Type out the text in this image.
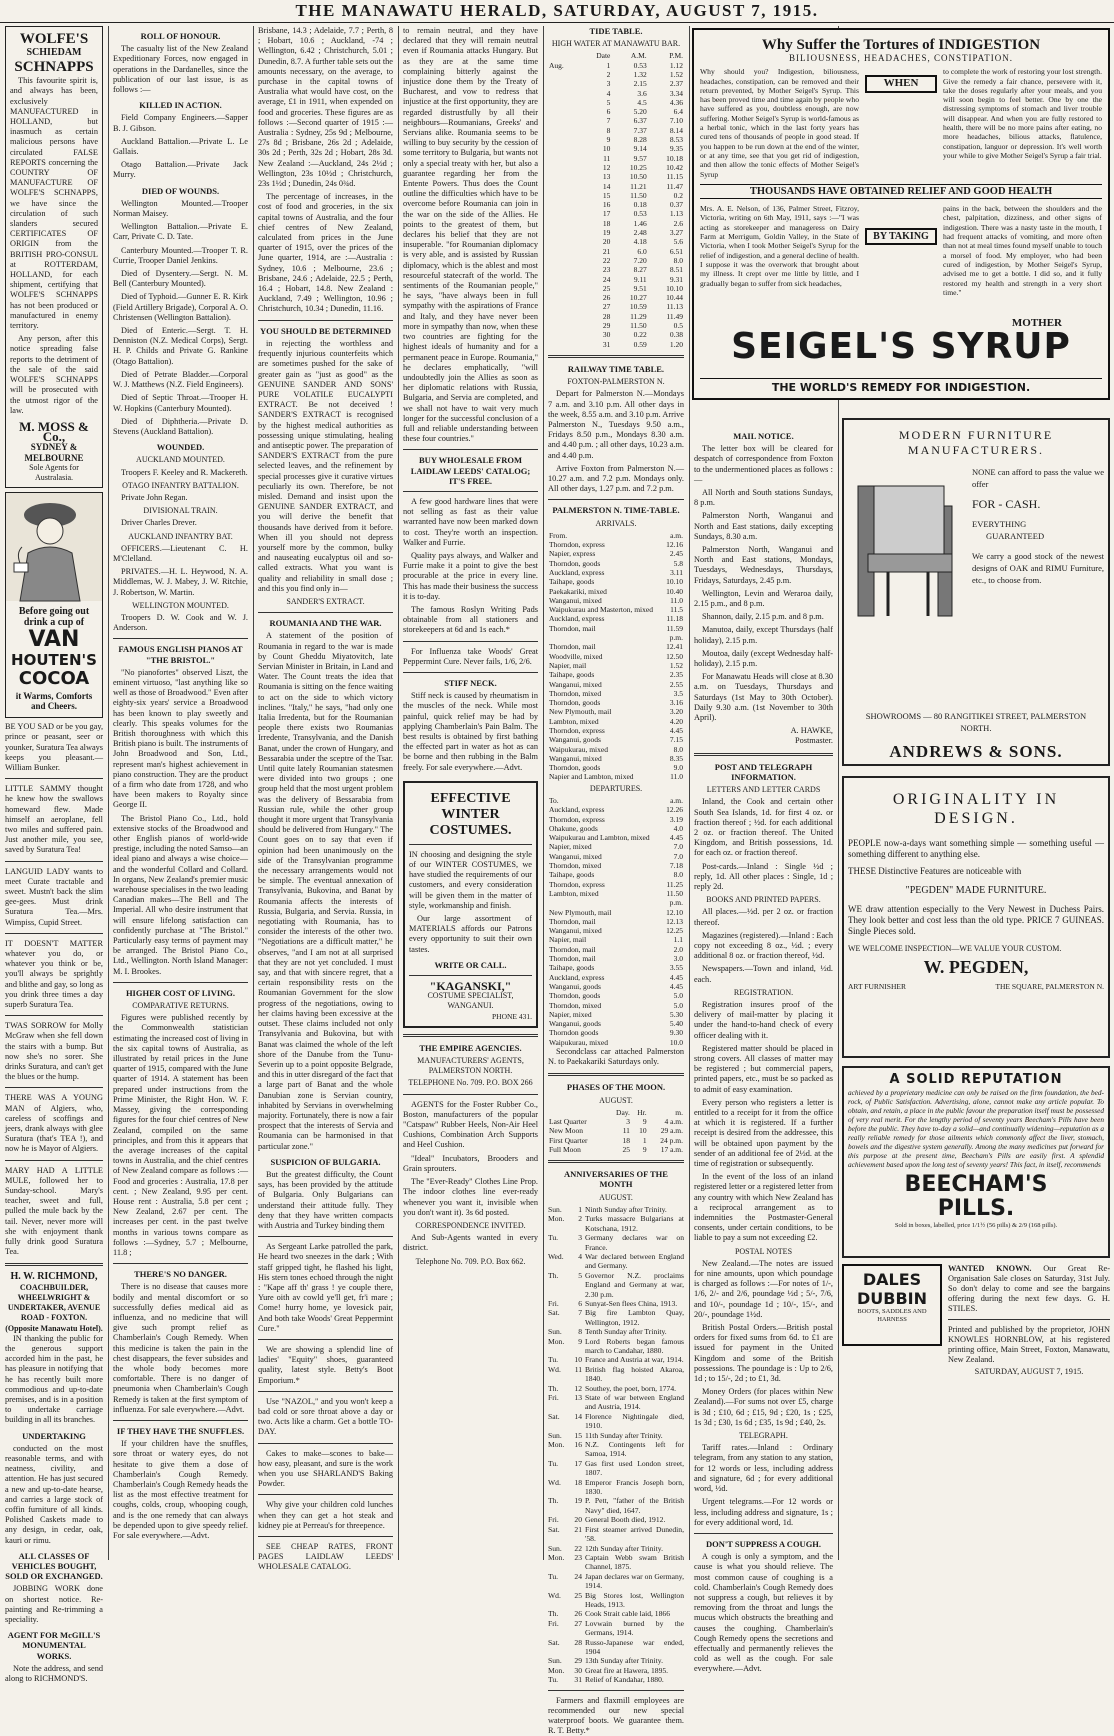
THE MANAWATU HERALD, SATURDAY, AUGUST 7, 1915.
WOLFE'S
SCHIEDAM
SCHNAPPS

This favourite spirit is, and always has been, exclusively MANUFACTURED in HOLLAND, but inasmuch as certain malicious persons have circulated FALSE REPORTS concerning the COUNTRY OF MANUFACTURE OF WOLFE'S SCHNAPPS, we have since the circulation of such slanders secured CERTIFICATES OF ORIGIN from the BRITISH PRO-CONSUL at ROTTERDAM, HOLLAND, for each shipment, certifying that WOLFE'S SCHNAPPS has not been produced or manufactured in enemy territory.

Any person, after this notice spreading false reports to the detriment of the sale of the said WOLFE'S SCHNAPPS will be prosecuted with the utmost rigor of the law.

M. MOSS & Co.,
SYDNEY & MELBOURNE
Sole Agents for Australasia.
Before going out
drink a cup of
VAN
HOUTEN'S
COCOA
it Warms, Comforts and Cheers.

BE YOU SAD or be you gay, prince or peasant, seer or younker, Suratura Tea always keeps you pleasant.—William Bunker.

LITTLE SAMMY thought he knew how the swallows homeward flew. Made himself an aeroplane, fell two miles and suffered pain. Just another mile, you see, saved by Suratura Tea!

LANGUID LADY wants to meet Curate tractable and sweet. Mustn't back the slim gee-gees. Must drink Suratura Tea.—Mrs. Wimpiss, Cupid Street.

IT DOESN'T MATTER whatever you do, or whatever you think or be, you'll always be sprightly and blithe and gay, so long as you drink three times a day superb Suratura Tea.

TWAS SORROW for Molly McGraw when she fell down the stairs with a bump. But now she's no sorer. She drinks Suratura, and can't get the blues or the hump.

THERE WAS A YOUNG MAN of Algiers, who, careless of scoffings and jeers, drank always with glee Suratura (that's TEA !), and now he is Mayor of Algiers.

MARY HAD A LITTLE MULE, followed her to Sunday-school. Mary's teacher, sweet and full, pulled the mule back by the tail. Never, never more will she with enjoyment thank fully drink good Suratura Tea.

H. W. RICHMOND,
COACHBUILDER, WHEELWRIGHT & UNDERTAKER, AVENUE ROAD - FOXTON. (Opposite Manawatu Hotel).

IN thanking the public for the generous support accorded him in the past, he has pleasure in notifying that he has recently built more commodious and up-to-date premises, and is in a position to undertake carriage building in all its branches.

UNDERTAKING

conducted on the most reasonable terms, and with neatness, civility, and attention. He has just secured a new and up-to-date hearse, and carries a large stock of coffin furniture of all kinds. Polished Caskets made to any design, in cedar, oak, kauri or rimu.

ALL CLASSES OF VEHICLES BOUGHT, SOLD OR EXCHANGED.

JOBBING WORK done on shortest notice. Re-painting and Re-trimming a speciality.

AGENT FOR McGILL'S MONUMENTAL WORKS.

Note the address, and send along to RICHMOND'S.

ROLL OF HONOUR.

The casualty list of the New Zealand Expeditionary Forces, now engaged in operations in the Dardanelles, since the publication of our last issue, is as follows :—

KILLED IN ACTION.

Field Company Engineers.—Sapper B. J. Gibson.

Auckland Battalion.—Private L. Le Gallais.

Otago Battalion.—Private Jack Murry.

DIED OF WOUNDS.

Wellington Mounted.—Trooper Norman Maisey.

Wellington Battalion.—Private E. Carr, Private C. D. Tate.

Canterbury Mounted.—Trooper T. R. Currie, Trooper Daniel Jenkins.

Died of Dysentery.—Sergt. N. M. Bell (Canterbury Mounted).

Died of Typhoid.—Gunner E. R. Kirk (Field Artillery Brigade), Corporal A. O. Christensen (Wellington Battalion).

Died of Enteric.—Sergt. T. H. Denniston (N.Z. Medical Corps), Sergt. H. P. Childs and Private G. Rankine (Otago Battalion).

Died of Petrate Bladder.—Corporal W. J. Matthews (N.Z. Field Engineers).

Died of Septic Throat.—Trooper H. W. Hopkins (Canterbury Mounted).

Died of Diphtheria.—Private D. Stevens (Auckland Battalion).

WOUNDED.
AUCKLAND MOUNTED.

Troopers F. Keeley and R. Mackereth.

OTAGO INFANTRY BATTALION.

Private John Regan.

DIVISIONAL TRAIN.

Driver Charles Drever.

AUCKLAND INFANTRY BAT.

OFFICERS.—Lieutenant C. H. M'Clelland.

PRIVATES.—H. L. Heywood, N. A. Middlemas, W. J. Mabey, J. W. Ritchie, J. Robertson, W. Martin.

WELLINGTON MOUNTED.

Troopers D. W. Cook and W. J. Anderson.

FAMOUS ENGLISH PIANOS AT "THE BRISTOL."

"No pianofortes" observed Liszt, the eminent virtuoso, "last anything like so well as those of Broadwood." Even after eighty-six years' service a Broadwood has been known to play sweetly and clearly. This speaks volumes for the British thoroughness with which this British piano is built. The instruments of John Broadwood and Son, Ltd., represent man's highest achievement in piano construction. They are the product of a firm who date from 1728, and who have been makers to Royalty since George II.

The Bristol Piano Co., Ltd., hold extensive stocks of the Broadwood and other English pianos of world-wide prestige, including the noted Samso—an ideal piano and always a wise choice—and the wonderful Collard and Collard. In organs, New Zealand's premier music warehouse specialises in the two leading Canadian makes—The Bell and The Imperial. All who desire instrument that will ensure lifelong satisfaction can confidently purchase at "The Bristol." Particularly easy terms of payment may be arranged. The Bristol Piano Co., Ltd., Wellington. North Island Manager: M. I. Brookes.

HIGHER COST OF LIVING.
COMPARATIVE RETURNS.

Figures were published recently by the Commonwealth statistician estimating the increased cost of living in the six capital towns of Australia, as illustrated by retail prices in the June quarter of 1915, compared with the June quarter of 1914. A statement has been prepared under instructions from the Prime Minister, the Right Hon. W. F. Massey, giving the corresponding figures for the four chief centres of New Zealand, compiled on the same principles, and from this it appears that the average increases of the capital towns in Australia, and the chief centres of New Zealand compare as follows :—Food and groceries : Australia, 17.8 per cent. ; New Zealand, 9.95 per cent. House rent : Australia, 5.8 per cent ; New Zealand, 2.67 per cent. The increases per cent. in the past twelve months in various towns compare as follows :—Sydney, 5.7 ; Melbourne, 11.8 ;

THERE'S NO DANGER.

There is no disease that causes more bodily and mental discomfort or so successfully defies medical aid as influenza, and no medicine that will give such prompt relief as Chamberlain's Cough Remedy. When this medicine is taken the pain in the chest disappears, the fever subsides and the whole body becomes more comfortable. There is no danger of pneumonia when Chamberlain's Cough Remedy is taken at the first symptom of influenza. For sale everywhere.—Advt.

IF THEY HAVE THE SNUFFLES.

If your children have the snuffles, sore throat or watery eyes, do not hesitate to give them a dose of Chamberlain's Cough Remedy. Chamberlain's Cough Remedy heads the list as the most effective treatment for coughs, colds, croup, whooping cough, and is the one remedy that can always be depended upon to give speedy relief. For sale everywhere.—Advt.

Brisbane, 14.3 ; Adelaide, 7.7 ; Perth, 8 ; Hobart, 10.6 ; Auckland, -74 ; Wellington, 6.42 ; Christchurch, 5.01 ; Dunedin, 8.7. A further table sets out the amounts necessary, on the average, to purchase in the capital towns of Australia what would have cost, on the average, £1 in 1911, when expended on food and groceries. These figures are as follows :—Second quarter of 1915 :—Australia : Sydney, 25s 9d ; Melbourne, 27s 8d ; Brisbane, 26s 2d ; Adelaide, 30s 2d ; Perth, 32s 2d ; Hobart, 28s 3d. New Zealand :—Auckland, 24s 2½d ; Wellington, 23s 10½d ; Christchurch, 23s 1½d ; Dunedin, 24s 0¾d.

The percentage of increases, in the cost of food and groceries, in the six capital towns of Australia, and the four chief centres of New Zealand, calculated from prices in the June quarter of 1915, over the prices of the June quarter, 1914, are :—Australia : Sydney, 10.6 ; Melbourne, 23.6 ; Brisbane, 24.6 ; Adelaide, 22.5 ; Perth, 16.4 ; Hobart, 14.8. New Zealand : Auckland, 7.49 ; Wellington, 10.96 ; Christchurch, 10.34 ; Dunedin, 11.16.

YOU SHOULD BE DETERMINED

in rejecting the worthless and frequently injurious counterfeits which are sometimes pushed for the sake of greater gain as "just as good" as the GENUINE SANDER AND SONS' PURE VOLATILE EUCALYPTI EXTRACT. Be not deceived ! SANDER'S EXTRACT is recognised by the highest medical authorities as possessing unique stimulating, healing and antiseptic power. The preparation of SANDER'S EXTRACT from the pure selected leaves, and the refinement by special processes give it curative virtues peculiarly its own. Therefore, be not misled. Demand and insist upon the GENUINE SANDER EXTRACT, and you will derive the benefit that thousands have derived from it before. When ill you should not depress yourself more by the common, bulky and nauseating eucalyptus oil and so-called extracts. What you want is quality and reliability in small dose ; and this you find only in—

SANDER'S EXTRACT.
ROUMANIA AND THE WAR.

A statement of the position of Roumania in regard to the war is made by Count Gheddu Miyatovitch, late Servian Minister in Britain, in Land and Water. The Count treats the idea that Roumania is sitting on the fence waiting to act on the side to which victory inclines. "Italy," he says, "had only one Italia Irredenta, but for the Roumanian people there exists two Roumanias Irredente, Transylvania, and the Danish Banat, under the crown of Hungary, and Bessarabia under the sceptre of the Tsar. Until quite lately Roumanian statesmen were divided into two groups ; one group held that the most urgent problem was the delivery of Bessarabia from Russian rule, while the other group thought it more urgent that Transylvania should be delivered from Hungary." The Count goes on to say that even if opinion had been unanimously on the side of the Transylvanian programme the necessary arrangements would not be simple. The eventual annexation of Transylvania, Bukovina, and Banat by Roumania affects the interests of Russia, Bulgaria, and Servia. Russia, in negotiating with Roumania, has to consider the interests of the other two. "Negotiations are a difficult matter," he observes, "and I am not at all surprised that they are not yet concluded. I must say, and that with sincere regret, that a certain responsibility rests on the Roumanian Government for the slow progress of the negotiations, owing to her claims having been excessive at the outset. These claims included not only Transylvania and Bukovina, but with Banat was claimed the whole of the left shore of the Danube from the Tunu-Severin up to a point opposite Belgrade, and this in utter disregard of the fact that a large part of Banat and the whole Danubian zone is Servian country, inhabited by Servians in overwhelming majority. Fortunately, there is now a fair prospect that the interests of Servia and Roumania can be harmonised in that particular zone."

SUSPICION OF BULGARIA.

But the greatest difficulty, the Count says, has been provided by the attitude of Bulgaria. Only Bulgarians can understand their attitude fully. They deny that they have written compacts with Austria and Turkey binding them

As Sergeant Larke patrolled the park, He heard two sneezes in the dark ; With staff gripped tight, he flashed his light, His stern tones echoed through the night : "Kape aff th' grass ! ye couple there, Yure oith av cowld ye'll get, fr'i mare ; Come! hurry home, ye lovesick pair, And both take Woods' Great Peppermint Cure."

We are showing a splendid line of ladies' "Equity" shoes, guaranteed quality, latest style. Betty's Boot Emporium.*

Use "NAZOL," and you won't keep a bad cold or sore throat above a day or two. Acts like a charm. Get a bottle TO-DAY.

Cakes to make—scones to bake—how easy, pleasant, and sure is the work when you use SHARLAND'S Baking Powder.

Why give your children cold lunches when they can get a hot steak and kidney pie at Perreau's for threepence.

SEE CHEAP RATES, FRONT PAGES LAIDLAW LEEDS' WHOLESALE CATALOG.

to remain neutral, and they have declared that they will remain neutral even if Roumania attacks Hungary. But as they are at the same time complaining bitterly against the injustice done them by the Treaty of Bucharest, and vow to redress that injustice at the first opportunity, they are regarded distrustfully by all their neighbours—Roumanians, Greeks' and Servians alike. Roumania seems to be willing to buy security by the cession of some territory to Bulgaria, but wants not only a special treaty with her, but also a guarantee regarding her from the Entente Powers. Thus does the Count outline the difficulties which have to be overcome before Roumania can join in the war on the side of the Allies. He points to the greatest of them, but declares his belief that they are not insuperable. "for Roumanian diplomacy is very able, and is assisted by Russian diplomacy, which is the ablest and most resourceful statecraft of the world. The sentiments of the Roumanian people," he says, "have always been in full sympathy with the aspirations of France and Italy, and they have never been more in sympathy than now, when these two countries are fighting for the highest ideals of humanity and for a permanent peace in Europe. Roumania," he declares emphatically, "will undoubtedly join the Allies as soon as her diplomatic relations with Russia, Bulgaria, and Servia are completed, and we shall not have to wait very much longer for the successful conclusion of a full and reliable understanding between these four countries."

BUY WHOLESALE FROM LAIDLAW LEEDS' CATALOG; IT'S FREE.

A few good hardware lines that were not selling as fast as their value warranted have now been marked down to cost. They're worth an inspection. Walker and Furrie.

Quality pays always, and Walker and Furrie make it a point to give the best procurable at the price in every line. This has made their business the success it is to-day.

The famous Roslyn Writing Pads obtainable from all stationers and storekeepers at 6d and 1s each.*

For Influenza take Woods' Great Peppermint Cure. Never fails, 1/6, 2/6.

STIFF NECK.

Stiff neck is caused by rheumatism in the muscles of the neck. While most painful, quick relief may be had by applying Chamberlain's Pain Balm. The best results is obtained by first bathing the effected part in water as hot as can be borne and then rubbing in the Balm freely. For sale everywhere.—Advt.

EFFECTIVE WINTER COSTUMES.

IN choosing and designing the style of our WINTER COSTUMES, we have studied the requirements of our customers, and every consideration will be given them in the matter of style, workmanship and finish.

Our large assortment of MATERIALS affords our Patrons every opportunity to suit their own tastes.

WRITE OR CALL.
"KAGANSKI,"
COSTUME SPECIALIST, WANGANUI.
PHONE 431.
THE EMPIRE AGENCIES.
MANUFACTURERS' AGENTS, PALMERSTON NORTH.
TELEPHONE No. 709. P.O. BOX 266

AGENTS for the Foster Rubber Co., Boston, manufacturers of the popular "Catspaw" Rubber Heels, Non-Air Heel Cushions, Combination Arch Supports and Heel Cushion.

"Ideal" Incubators, Brooders and Grain sprouters.

The "Ever-Ready" Clothes Line Prop. The indoor clothes line ever-ready whenever you want it, invisible when you don't want it). 3s 6d posted.

CORRESPONDENCE INVITED.

And Sub-Agents wanted in every district.

Telephone No. 709. P.O. Box 662.
TIDE TABLE.
HIGH WATER AT MANAWATU BAR.
	Date	A.M.	P.M.
Aug.	1	0.53	1.12
	2	1.32	1.52
	3	2.15	2.37
	4	3.6	3.34
	5	4.5	4.36
	6	5.20	6.4
	7	6.37	7.10
	8	7.37	8.14
	9	8.28	8.53
	10	9.14	9.35
	11	9.57	10.18
	12	10.25	10.42
	13	10.50	11.15
	14	11.21	11.47
	15	11.50	0.2
	16	0.18	0.37
	17	0.53	1.13
	18	1.46	2.6
	19	2.48	3.27
	20	4.18	5.6
	21	6.0	6.51
	22	7.20	8.0
	23	8.27	8.51
	24	9.11	9.31
	25	9.51	10.10
	26	10.27	10.44
	27	10.59	11.13
	28	11.29	11.49
	29	11.50	0.5
	30	0.22	0.38
	31	0.59	1.20
RAILWAY TIME TABLE.
FOXTON-PALMERSTON N.

Depart for Palmerston N.—Mondays 7 a.m. and 3.10 p.m. All other days in the week, 8.55 a.m. and 3.10 p.m. Arrive Palmerston N., Tuesdays 9.50 a.m., Fridays 8.50 p.m., Mondays 8.30 a.m. and 4.40 p.m. ; all other days, 10.23 a.m. and 4.40 p.m.

Arrive Foxton from Palmerston N.—10.27 a.m. and 7.2 p.m. Mondays only. All other days, 1.27 p.m. and 7.2 p.m.

PALMERSTON N. TIME-TABLE.
ARRIVALS.
From.	a.m.
Thorndon, express	12.16
Napier, express	2.45
Thorndon, goods	5.8
Auckland, express	3.11
Taihape, goods	10.10
Paekakariki, mixed	10.40
Wanganui, mixed	11.0
Waipukurau and Masterton, mixed	11.5
Auckland, express	11.18
Thorndon, mail	11.59
	p.m.
Thorndon, mail	12.41
Woodville, mixed	12.50
Napier, mail	1.52
Taihape, goods	2.35
Wanganui, mixed	2.55
Thorndon, mixed	3.5
Thorndon, goods	3.16
New Plymouth, mail	3.20
Lambton, mixed	4.20
Thorndon, express	4.45
Wanganui, goods	7.15
Waipukurau, mixed	8.0
Wanganui, mixed	8.35
Thorndon, goods	9.0
Napier and Lambton, mixed	11.0
DEPARTURES.
To.	a.m.
Auckland, express	12.26
Thorndon, express	3.19
Ohakune, goods	4.0
Waipukurau and Lambton, mixed	4.45
Napier, mixed	7.0
Wanganui, mixed	7.0
Thorndon, mixed	7.18
Taihape, goods	8.0
Thorndon, express	11.25
Lambton, mixed	11.50
	p.m.
New Plymouth, mail	12.10
Thorndon, mail	12.13
Wanganui, mixed	12.25
Napier, mail	1.1
Thorndon, mail	2.0
Thorndon, mail	3.0
Taihape, goods	3.55
Auckland, express	4.45
Wanganui, goods	4.45
Thorndon, goods	5.0
Thorndon, mixed	5.0
Napier, mixed	5.30
Wanganui, goods	5.40
Thorndon goods	9.30
Waipukurau, mixed	10.0

Secondclass car attached Palmerston N. to Paekakariki Saturdays only.

PHASES OF THE MOON.
AUGUST.
	Day.	Hr.	m.
Last Quarter	3	9	4 a.m.
New Moon	11	10	29 a.m.
First Quarter	18	1	24 p.m.
Full Moon	25	9	17 a.m.
ANNIVERSARIES OF THE MONTH
AUGUST.
Sun.	1 Ninth Sunday after Trinity.
Mon.	2 Turks massacre Bulgarians at Kotschana, 1912.
Tu.	3 Germany declares war on France.
Wed.	4 War declared between England and Germany.
Th.	5 Governor N.Z. proclaims England and Germany at war, 2.30 p.m.
Fri.	6 Sunyat-Sen flees China, 1913.
Sat.	7 Big fire Lambton Quay, Wellington, 1912.
Sun.	8 Tenth Sunday after Trinity.
Mon.	9 Lord Roberts began famous march to Candahar, 1880.
Tu.	10 France and Austria at war, 1914.
Wd.	11 British flag hoisted Akaroa, 1840.
Th.	12 Southey, the poet, born, 1774.
Fri.	13 State of war between England and Austria, 1914.
Sat.	14 Florence Nightingale died, 1910.
Sun.	15 11th Sunday after Trinity.
Mon.	16 N.Z. Contingents left for Samoa, 1914.
Tu.	17 Gas first used London street, 1807.
Wd.	18 Emperor Francis Joseph born, 1830.
Th.	19 P. Pett, "father of the British Navy" died, 1647.
Fri.	20 General Booth died, 1912.
Sat.	21 First steamer arrived Dunedin, '58.
Sun.	22 12th Sunday after Trinity.
Mon.	23 Captain Webb swam British Channel, 1875.
Tu.	24 Japan declares war on Germany, 1914.
Wd.	25 Big Stores lost, Wellington Heads, 1913.
Th.	26 Cook Strait cable laid, 1866
Fri.	27 Lovwain burned by the Germans, 1914.
Sat.	28 Russo-Japanese war ended, 1904
Sun.	29 13th Sunday after Trinity.
Mon.	30 Great fire at Hawera, 1895.
Tu.	31 Relief of Kandahar, 1880.

Farmers and flaxmill employees are recommended our new special waterproof boots. We guarantee them. R. T. Betty.*

MAIL NOTICE.

The letter box will be cleared for despatch of correspondence from Foxton to the undermentioned places as follows :—

All North and South stations Sundays, 8 p.m.

Palmerston North, Wanganui and North and East stations, daily excepting Sundays, 8.30 a.m.

Palmerston North, Wanganui and North and East stations, Mondays, Tuesdays, Wednesdays, Thursdays, Fridays, Saturdays, 2.45 p.m.

Wellington, Levin and Weraroa daily, 2.15 p.m., and 8 p.m.

Shannon, daily, 2.15 p.m. and 8 p.m.

Manutoa, daily, except Thursdays (half holiday), 2.15 p.m.

Moutoa, daily (except Wednesday half-holiday), 2.15 p.m.

For Manawatu Heads will close at 8.30 a.m. on Tuesdays, Thursdays and Saturdays (1st May to 30th October). Daily 9.30 a.m. (1st November to 30th April).

A. HAWKE,
Postmaster.
POST AND TELEGRAPH INFORMATION.
LETTERS AND LETTER CARDS

Inland, the Cook and certain other South Sea Islands, 1d. for first 4 oz. or fraction thereof ; ½d. for each additional 2 oz. or fraction thereof. The United Kingdom, and British possessions, 1d. for each oz. or fraction thereof.

Post-cards.—Inland : Single ½d ; reply, 1d. All other places : Single, 1d ; reply 2d.

BOOKS AND PRINTED PAPERS.

All places.—½d. per 2 oz. or fraction thereof.

Magazines (registered).—Inland : Each copy not exceeding 8 oz., ½d. ; every additional 8 oz. or fraction thereof, ½d.

Newspapers.—Town and inland, ½d. each.

REGISTRATION.

Registration insures proof of the delivery of mail-matter by placing it under the hand-to-hand check of every officer dealing with it.

Registered matter should be placed in strong covers. All classes of matter may be registered ; but commercial papers, printed papers, etc., must be so packed as to admit of easy examination.

Every person who registers a letter is entitled to a receipt for it from the office at which it is registered. If a further receipt is desired from the addressee, this will be obtained upon payment by the sender of an additional fee of 2½d. at the time of registration or subsequently.

In the event of the loss of an inland registered letter or a registered letter from any country with which New Zealand has a reciprocal arrangement as to indemnities the Postmaster-General consents, under certain conditions, to be liable to pay a sum not exceeding £2.

POSTAL NOTES

New Zealand.—The notes are issued for nine amounts, upon which poundage is charged as follows :—For notes of 1/-, 1/6, 2/- and 2/6, poundage ½d ; 5/-, 7/6, and 10/-, poundage 1d ; 10/-, 15/-, and 20/-, poundage 1½d.

British Postal Orders.—British postal orders for fixed sums from 6d. to £1 are issued for payment in the United Kingdom and some of the British possessions. The poundage is : Up to 2/6, 1d ; to 15/-, 2d ; to £1, 3d.

Money Orders (for places within New Zealand).—For sums not over £5, charge is 3d ; £10, 6d ; £15, 9d ; £20, 1s ; £25, 1s 3d ; £30, 1s 6d ; £35, 1s 9d ; £40, 2s.

TELEGRAPH.

Tariff rates.—Inland : Ordinary telegram, from any station to any station, for 12 words or less, including address and signature, 6d ; for every additional word, ½d.

Urgent telegrams.—For 12 words or less, including address and signature, 1s ; for every additional word, 1d.

DON'T SUPPRESS A COUGH.

A cough is only a symptom, and the cause is what you should relieve. The most common cause of coughing is a cold. Chamberlain's Cough Remedy does not suppress a cough, but relieves it by removing from the throat and lungs the mucus which obstructs the breathing and causes the coughing. Chamberlain's Cough Remedy opens the secretions and effectually and permanently relieves the cold as well as the cough. For sale everywhere.—Advt.

Why Suffer the Tortures of INDIGESTION
BILIOUSNESS, HEADACHES, CONSTIPATION.
Why should you? Indigestion, biliousness, headaches, constipation, can be removed and their return prevented, by Mother Seigel's Syrup. This has been proved time and time again by people who have suffered as you, doubtless enough, are now suffering. Mother Seigel's Syrup is world-famous as a herbal tonic, which in the last forty years has cured tens of thousands of people in good stead. If you happen to be run down at the end of the winter, or at any time, see that you get rid of indigestion, and then allow the tonic effects of Mother Seigel's Syrup
WHEN
to complete the work of restoring your lost strength. Give the remedy a fair chance, persevere with it, take the doses regularly after your meals, and you will soon begin to feel better. One by one the distressing symptoms of stomach and liver trouble will disappear. And when you are fully restored to health, there will be no more pains after eating, no more headaches, bilious attacks, flatulence, constipation, languor or depression. It's well worth your while to give Mother Seigel's Syrup a fair trial.
THOUSANDS HAVE OBTAINED RELIEF AND GOOD HEALTH
Mrs. A. E. Nelson, of 136, Palmer Street, Fitzroy, Victoria, writing on 6th May, 1911, says :—"I was acting as storekeeper and manageress on Dairy Farm at Merrigum, Goldin Valley, in the State of Victoria, when I took Mother Seigel's Syrup for the relief of indigestion, and a general decline of health. I suppose it was the overwork that brought about my illness. It crept over me little by little, and I gradually began to suffer from sick headaches,
BY TAKING
pains in the back, between the shoulders and the chest, palpitation, dizziness, and other signs of indigestion. There was a nasty taste in the mouth, I had frequent attacks of vomiting, and more often than not at meal times found myself unable to touch a morsel of food. My employer, who had been cured of indigestion, by Mother Seigel's Syrup, advised me to get a bottle. I did so, and it fully restored my health and strength in a very short time."
MOTHER
SEIGEL'S SYRUP
THE WORLD'S REMEDY FOR INDIGESTION.
MODERN FURNITURE
MANUFACTURERS.
NONE can afford to pass the value we offer
FOR - CASH.
EVERYTHING
GUARANTEED
We carry a good stock of the newest designs of OAK and RIMU Furniture, etc., to choose from.
SHOWROOMS — 80 RANGITIKEI STREET, PALMERSTON NORTH.
ANDREWS & SONS.
ORIGINALITY IN DESIGN.

PEOPLE now-a-days want something simple — something useful — something different to anything else.

THESE Distinctive Features are noticeable with

"PEGDEN" MADE FURNITURE.

WE draw attention especially to the Very Newest in Duchess Pairs. They look better and cost less than the old type. PRICE 7 GUINEAS. Single Pieces sold.

WE WELCOME INSPECTION—WE VALUE YOUR CUSTOM.
W. PEGDEN,
ART FURNISHER	THE SQUARE, PALMERSTON N.
A SOLID REPUTATION
achieved by a proprietary medicine can only be raised on the firm foundation, the bed-rock, of Public Satisfaction. Advertising, alone, cannot make any article popular. To obtain, and retain, a place in the public favour the preparation itself must be possessed of very real merit. For the lengthy period of seventy years Beecham's Pills have been before the public. They have to-day a solid—and continually widening—reputation as a really reliable remedy for those ailments which commonly affect the liver, stomach, bowels and the digestive system generally. Among the many medicines put forward for this purpose at the present time, Beecham's Pills are easily first. A splendid achievement based upon the long test of seventy years! This fact, in itself, recommends
BEECHAM'S
PILLS.
Sold in boxes, labelled, price 1/1½ (56 pills) & 2/9 (168 pills).
DALES
DUBBIN
BOOTS, SADDLES AND HARNESS
WANTED KNOWN. Our Great Re-Organisation Sale closes on Saturday, 31st July. So don't delay to come and see the bargains offering during the next few days. G. H. STILES.
Printed and published by the proprietor, JOHN KNOWLES HORNBLOW, at his registered printing office, Main Street, Foxton, Manawatu, New Zealand.
SATURDAY, AUGUST 7, 1915.
